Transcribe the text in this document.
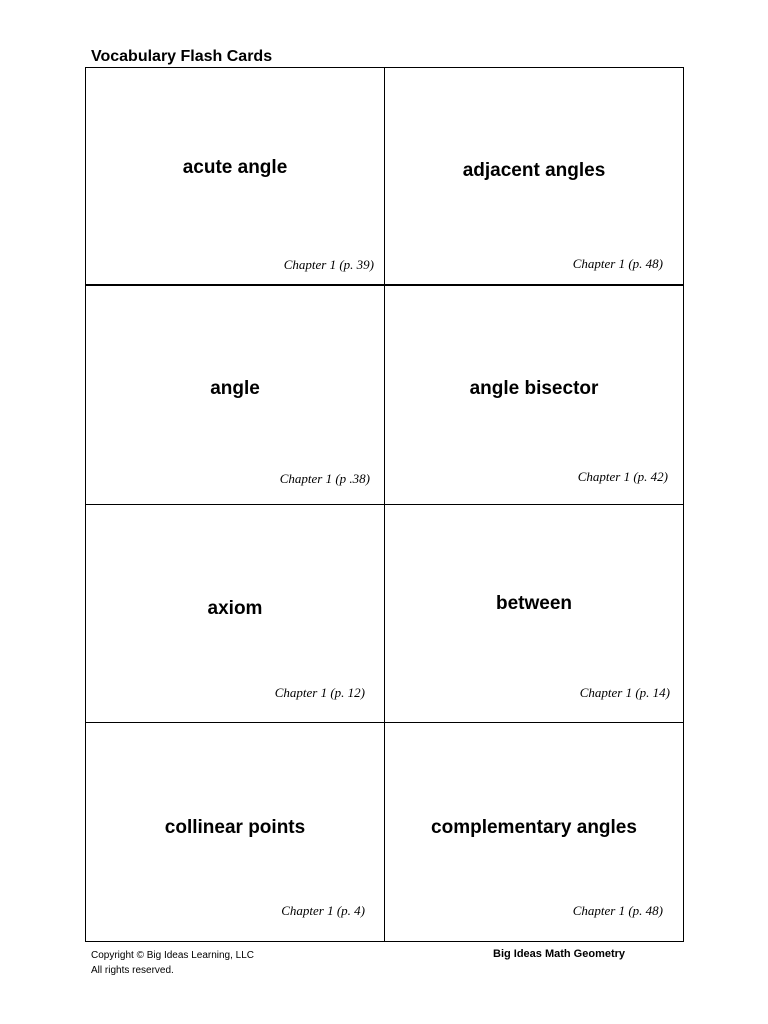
Vocabulary Flash Cards
acute angle
Chapter 1 (p. 39)
adjacent angles
Chapter 1 (p. 48)
angle
Chapter 1 (p .38)
angle bisector
Chapter 1 (p. 42)
axiom
Chapter 1 (p. 12)
between
Chapter 1 (p. 14)
collinear points
Chapter 1 (p. 4)
complementary angles
Chapter 1 (p. 48)
Copyright © Big Ideas Learning, LLC
All rights reserved.
Big Ideas Math Geometry
